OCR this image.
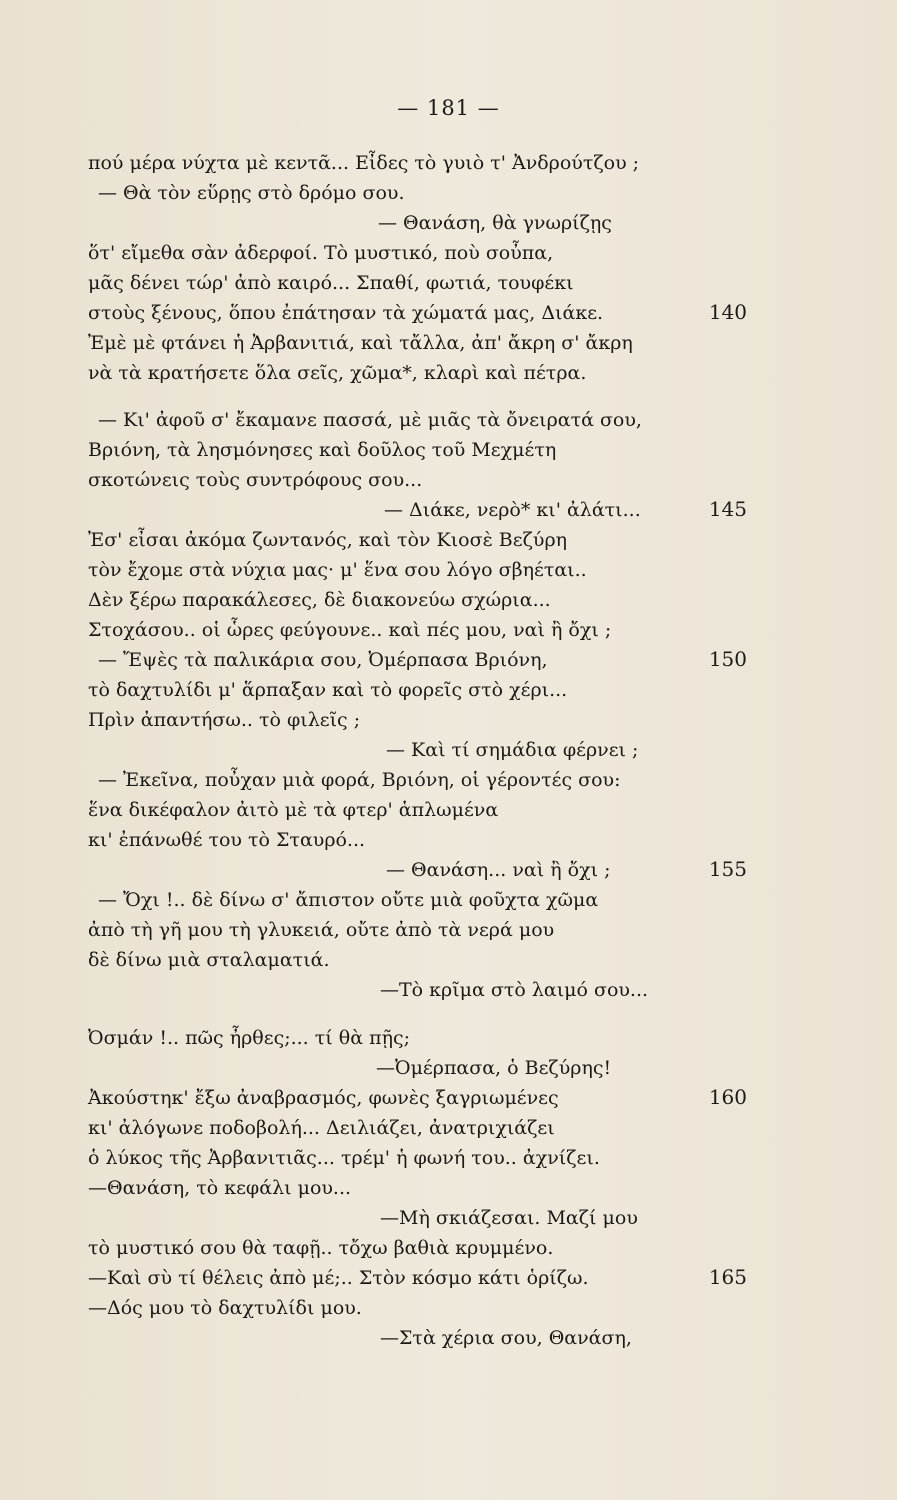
— 181 —
πού μέρα νύχτα μὲ κεντᾶ... Εἶδες τὸ γυιὸ τ' Ἀνδρούτζου ;
— Θὰ τὸν εὕρῃς στὸ δρόμο σου.
— Θανάση, θὰ γνωρίζῃς
ὅτ' εἴμεθα σὰν ἀδερφοί. Τὸ μυστικό, ποὺ σοὖπα,
μᾶς δένει τώρ' ἀπὸ καιρό... Σπαθί, φωτιά, τουφέκι
στοὺς ξένους, ὅπου ἐπάτησαν τὰ χώματά μας, Διάκε.
Ἐμὲ μὲ φτάνει ἡ Ἀρβανιτιά, καὶ τἄλλα, ἀπ' ἄκρη σ' ἄκρη
νὰ τὰ κρατήσετε ὅλα σεῖς, χῶμα*, κλαρὶ καὶ πέτρα.
— Κι' ἀφοῦ σ' ἔκαμανε πασσά, μὲ μιᾶς τὰ ὄνειρατά σου,
Βριόνη, τὰ λησμόνησες καὶ δοῦλος τοῦ Μεχμέτη
σκοτώνεις τοὺς συντρόφους σου...
— Διάκε, νερὸ* κι' ἀλάτι...
Ἐσ' εἶσαι ἀκόμα ζωντανός, καὶ τὸν Κιοσὲ Βεζύρη
τὸν ἔχομε στὰ νύχια μας· μ' ἕνα σου λόγο σβηέται..
Δὲν ξέρω παρακάλεσες, δὲ διακονεύω σχώρια...
Στοχάσου.. οἱ ὧρες φεύγουνε.. καὶ πές μου, ναὶ ἢ ὄχι ;
— Ἔψὲς τὰ παλικάρια σου, Ὀμέρπασα Βριόνη,
τὸ δαχτυλίδι μ' ἅρπαξαν καὶ τὸ φορεῖς στὸ χέρι...
Πρὶν ἀπαντήσω.. τὸ φιλεῖς ;
— Καὶ τί σημάδια φέρνει ;
— Ἐκεῖνα, ποὖχαν μιὰ φορά, Βριόνη, οἱ γέροντές σου:
ἕνα δικέφαλον ἀιτὸ μὲ τὰ φτερ' ἁπλωμένα
κι' ἐπάνωθέ του τὸ Σταυρό...
— Θανάση... ναὶ ἢ ὄχι ;
— Ὄχι !.. δὲ δίνω σ' ἄπιστον οὔτε μιὰ φοῦχτα χῶμα
ἀπὸ τὴ γῆ μου τὴ γλυκειά, οὔτε ἀπὸ τὰ νερά μου
δὲ δίνω μιὰ σταλαματιά.
—Τὸ κρῖμα στὸ λαιμό σου...
Ὀσμάν !.. πῶς ἦρθες;... τί θὰ πῇς;
—Ὀμέρπασα, ὁ Βεζύρης!
Ἀκούστηκ' ἔξω ἀναβρασμός, φωνὲς ξαγριωμένες
κι' ἀλόγωνε ποδοβολή... Δειλιάζει, ἀνατριχιάζει
ὁ λύκος τῆς Ἀρβανιτιᾶς... τρέμ' ἡ φωνή του.. ἀχνίζει.
—Θανάση, τὸ κεφάλι μου...
—Μὴ σκιάζεσαι. Μαζί μου
τὸ μυστικό σου θὰ ταφῇ.. τὄχω βαθιὰ κρυμμένο.
—Καὶ σὺ τί θέλεις ἀπὸ μέ;.. Στὸν κόσμο κάτι ὁρίζω.
—Δός μου τὸ δαχτυλίδι μου.
—Στὰ χέρια σου, Θανάση,
140
145
150
155
160
165
